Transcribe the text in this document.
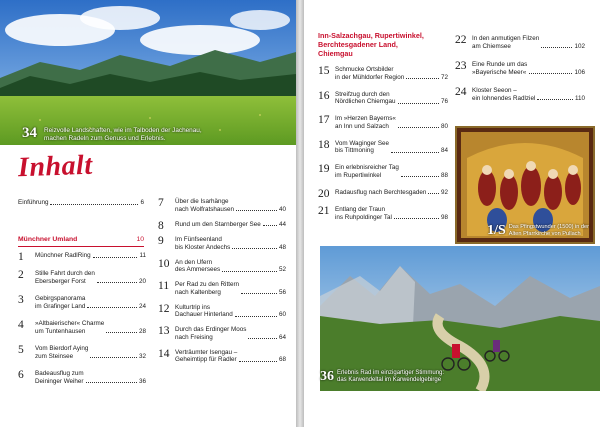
34 Reizvolle Landschaften, wie im Talboden der Jachenau,
machen Radeln zum Genuss und Erlebnis.
Inhalt
Einführung	6
Münchner Umland	10
1	Münchner RadlRing	11
2	Stille Fahrt durch den
Ebersberger Forst	20
3	Gebirgspanorama
im Grafinger Land	24
4	»Altbaierischer« Charme
um Tuntenhausen	28
5	Vom Bierdorf Aying
zum Steinsee	32
6	Badeausflug zum
Deininger Weiher	36
7	Über die Isarhänge
nach Wolfratshausen	40
8	Rund um den Starnberger See	44
9	Im Fünfseenland
bis Kloster Andechs	48
10 An den Ufern
des Ammersees	52
11 Per Rad zu den Rittern
nach Kaltenberg	56
12 Kulturtrip ins
Dachauer Hinterland	60
13 Durch das Erdinger Moos
nach Freising	64
14 Verträumter Isengau –
Geheimtipp für Radler	68
Inn-Salzachgau, Rupertiwinkel,
Berchtesgadener Land,
Chiemgau
15 Schmucke Ortsbilder
in der Mühldorfer Region	72
16 Streifzug durch den
Nördlichen Chiemgau	76
17 Im »Herzen Bayerns«
an Inn und Salzach	80
18 Vom Waginger See
bis Tittmoning	84
19 Ein erlebnisreicher Tag
im Rupertiwinkel	88
20 Radausflug nach Berchtesgaden 92
21 Entlang der Traun
ins Ruhpoldinger Tal	98
22 In den anmutigen Filzen
am Chiemsee	102
23 Eine Runde um das
»Bayerische Meer«	106
24 Kloster Seeon –
ein lohnendes Radlziel	110
1/S Das Pfingstwunder (1500) in der
Alten Pfarrkirche von Pullach
36 Erlebnis Rad im einzigartiger Stimmung:
das Karwendeltal im Karwendelgebirge
